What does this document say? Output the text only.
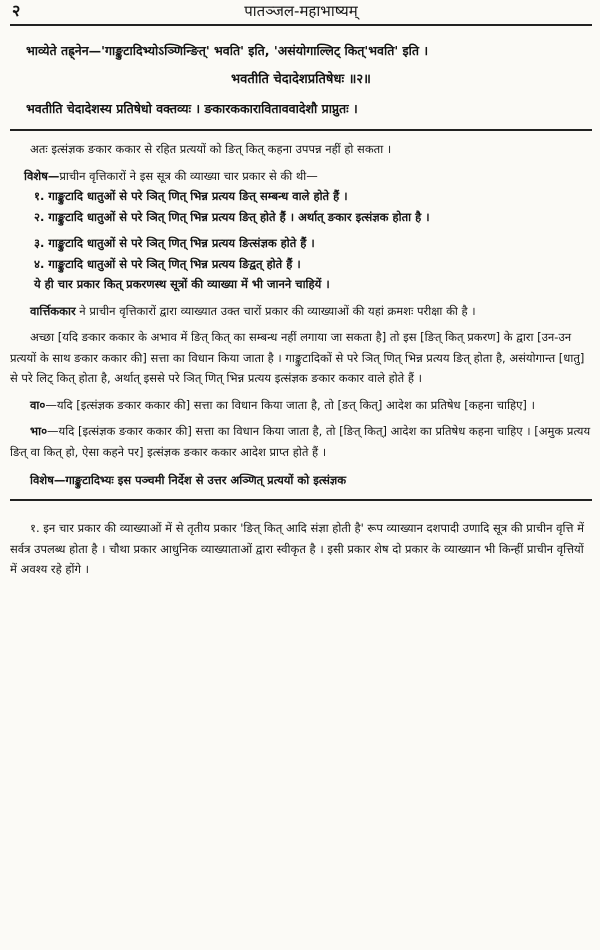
२	पातञ्जल-महाभाष्यम्

भाव्येते तह्र्नेन—'गाङ्कुटादिभ्योऽञ्णिन्ङित्' भवति' इति, 'असंयोगाल्लिट् कित्'भवति' इति ।

भवतीति चेदादेशप्रतिषेधः ॥२॥

भवतीति चेदादेशस्य प्रतिषेधो वक्तव्यः । ङकारककाराविताववादेशौ प्राप्नुतः ।

अतः इत्संज्ञक ङकार ककार से रहित प्रत्ययों को ङित् कित् कहना उपपन्न नहीं हो सकता ।

विशेष—प्राचीन वृत्तिकारों ने इस सूत्र की व्याख्या चार प्रकार से की थी—
१. गाङ्कुटादि धातुओं से परे ञित् णित् भिन्न प्रत्यय ङित् सम्बन्ध वाले होते हैं ।
२. गाङ्कुटादि धातुओं से परे ञित् णित् भिन्न प्रत्यय ङित् होते हैं । अर्थात् ङकार इत्संज्ञक होता है ।
३. गाङ्कुटादि धातुओं से परे ञित् णित् भिन्न प्रत्यय ङित्संज्ञक होते हैं ।
४. गाङ्कुटादि धातुओं से परे ञित् णित् भिन्न प्रत्यय ङिद्वत् होते हैं ।

ये ही चार प्रकार कित् प्रकरणस्थ सूत्रों की व्याख्या में भी जानने चाहियें ।

वार्त्तिककार ने प्राचीन वृत्तिकारों द्वारा व्याख्यात उक्त चारों प्रकार की व्याख्याओं की यहां क्रमशः परीक्षा की है ।

अच्छा [यदि ङकार ककार के अभाव में ङित् कित् का सम्बन्ध नहीं लगाया जा सकता है] तो इस [ङित् कित् प्रकरण] के द्वारा [उन-उन प्रत्ययों के साथ ङकार ककार की] सत्ता का विधान किया जाता है । गाङ्कुटादिकों से परे ञित् णित् भिन्न प्रत्यय ङित् होता है, असंयोगान्त [धातु] से परे लिट् कित् होता है, अर्थात् इससे परे ञित् णित् भिन्न प्रत्यय इत्संज्ञक ङकार ककार वाले होते हैं ।

वा०—यदि [इत्संज्ञक ङकार ककार की] सत्ता का विधान किया जाता है, तो [ङत् कित्] आदेश का प्रतिषेध [कहना चाहिए] ।

भा०—यदि [इत्संज्ञक ङकार ककार की] सत्ता का विधान किया जाता है, तो [ङित् कित्] आदेश का प्रतिषेध कहना चाहिए । [अमुक प्रत्यय ङित् वा कित् हो, ऐसा कहने पर] इत्संज्ञक ङकार ककार आदेश प्राप्त होते हैं ।

विशेष—गाङ्कुटादिभ्यः इस पञ्चमी निर्देश से उत्तर अञ्णित् प्रत्ययों को इत्संज्ञक

१. इन चार प्रकार की व्याख्याओं में से तृतीय प्रकार 'ङित् कित् आदि संज्ञा होती है' रूप व्याख्यान दशपादी उणादि सूत्र की प्राचीन वृत्ति में सर्वत्र उपलब्ध होता है । चौथा प्रकार आधुनिक व्याख्याताओं द्वारा स्वीकृत है । इसी प्रकार शेष दो प्रकार के व्याख्यान भी किन्हीं प्राचीन वृत्तियों में अवश्य रहे होंगे ।
